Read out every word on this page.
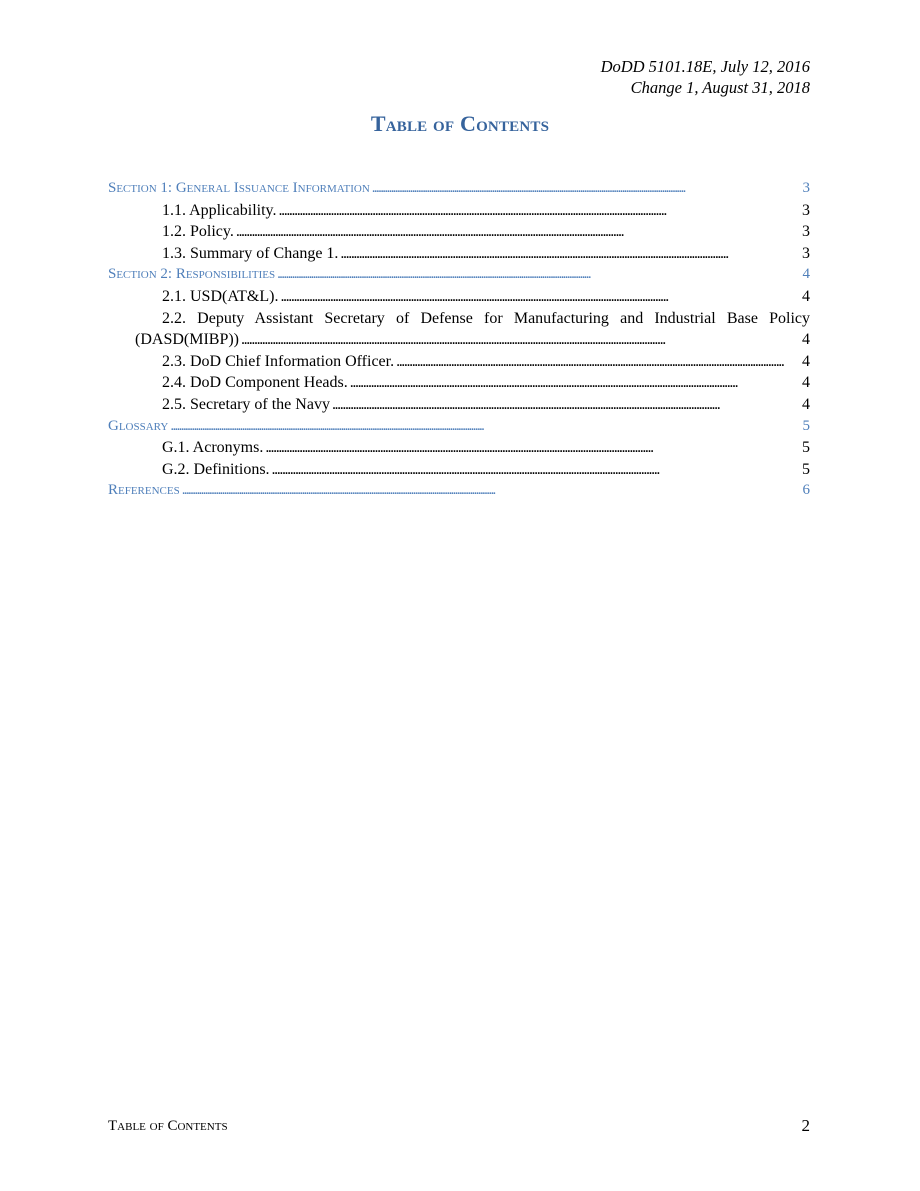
DoDD 5101.18E, July 12, 2016
Change 1, August 31, 2018
Table of Contents
Section 1: General Issuance Information . . .	3
1.1. Applicability. . . .	3
1.2. Policy. . . .	3
1.3. Summary of Change 1. . . .	3
Section 2: Responsibilities . . .	4
2.1. USD(AT&L). . . .	4
2.2. Deputy Assistant Secretary of Defense for Manufacturing and Industrial Base Policy
(DASD(MIBP)) . . .	4
2.3. DoD Chief Information Officer. . . .	4
2.4. DoD Component Heads. . . .	4
2.5. Secretary of the Navy . . .	4
Glossary . . .	5
G.1. Acronyms. . . .	5
G.2. Definitions. . . .	5
References . . .	6
Table of Contents	2
